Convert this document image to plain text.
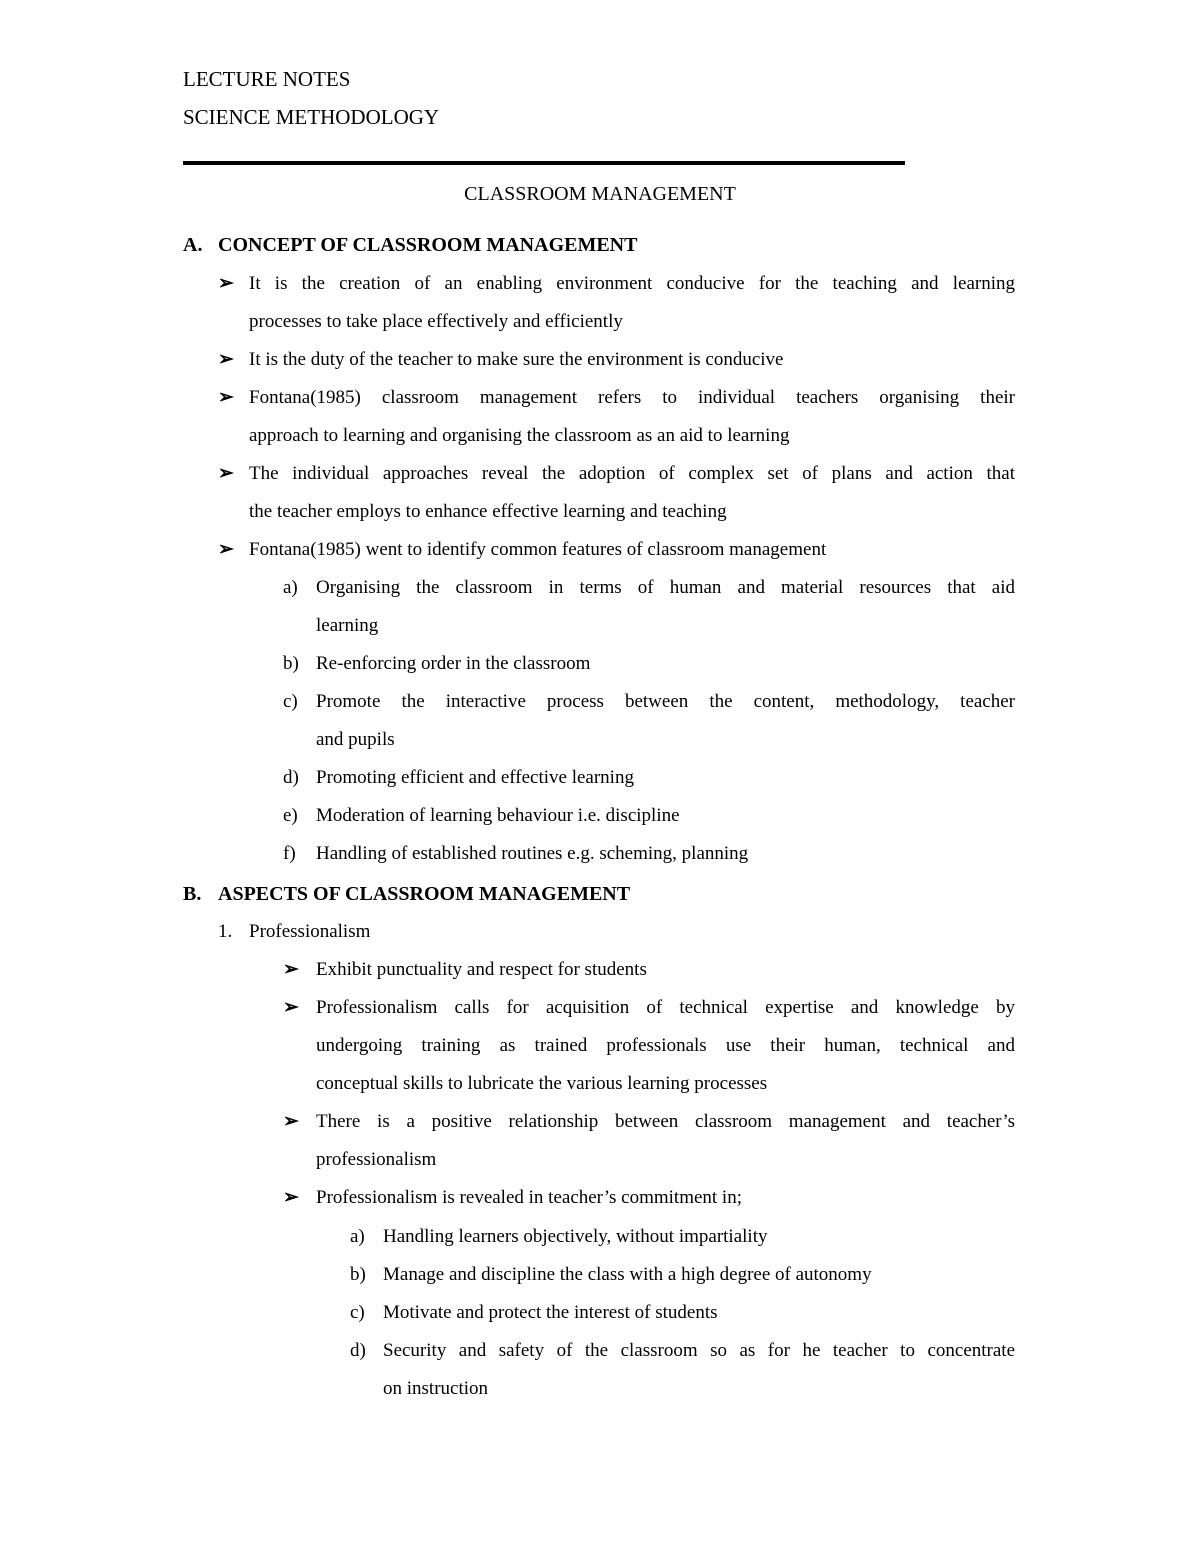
LECTURE NOTES
SCIENCE METHODOLOGY
CLASSROOM MANAGEMENT
A. CONCEPT OF CLASSROOM MANAGEMENT
➢ It is the creation of an enabling environment conducive for the teaching and learning
processes to take place effectively and efficiently
➢ It is the duty of the teacher to make sure the environment is conducive
➢ Fontana(1985) classroom management refers to individual teachers organising their
approach to learning and organising the classroom as an aid to learning
➢ The individual approaches reveal the adoption of complex set of plans and action that
the teacher employs to enhance effective learning and teaching
➢ Fontana(1985) went to identify common features of classroom management
a) Organising the classroom in terms of human and material resources that aid
learning
b) Re-enforcing order in the classroom
c) Promote the interactive process between the content, methodology, teacher
and pupils
d) Promoting efficient and effective learning
e) Moderation of learning behaviour i.e. discipline
f) Handling of established routines e.g. scheming, planning
B. ASPECTS OF CLASSROOM MANAGEMENT
1. Professionalism
➢ Exhibit punctuality and respect for students
➢ Professionalism calls for acquisition of technical expertise and knowledge by
undergoing training as trained professionals use their human, technical and
conceptual skills to lubricate the various learning processes
➢ There is a positive relationship between classroom management and teacher’s
professionalism
➢ Professionalism is revealed in teacher’s commitment in;
a) Handling learners objectively, without impartiality
b) Manage and discipline the class with a high degree of autonomy
c) Motivate and protect the interest of students
d) Security and safety of the classroom so as for he teacher to concentrate
on instruction
